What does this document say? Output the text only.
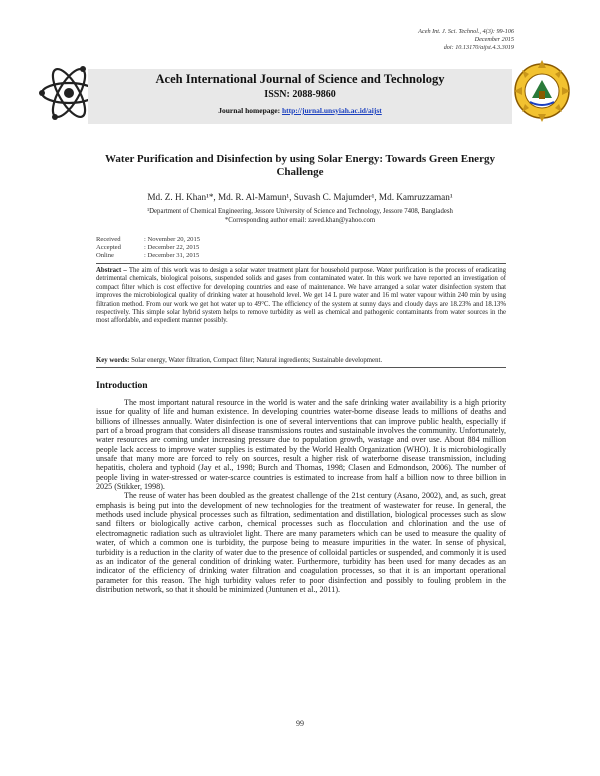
Aceh Int. J. Sci. Technol., 4(3): 99-106
December 2015
doi: 10.13170/aijst.4.3.3019
Aceh International Journal of Science and Technology
ISSN: 2088-9860
Journal homepage: http://jurnal.unsyiah.ac.id/aijst
Water Purification and Disinfection by using Solar Energy: Towards Green Energy Challenge
Md. Z. H. Khan¹*, Md. R. Al-Mamun¹, Suvash C. Majumder¹, Md. Kamruzzaman¹
¹Department of Chemical Engineering, Jessore University of Science and Technology, Jessore 7408, Bangladesh
*Corresponding author email: zaved.khan@yahoo.com
Received	: November 20, 2015
Accepted	: December 22, 2015
Online	: December 31, 2015
Abstract – The aim of this work was to design a solar water treatment plant for household purpose. Water purification is the process of eradicating detrimental chemicals, biological poisons, suspended solids and gases from contaminated water. In this work we have reported an investigation of compact filter which is cost effective for developing countries and ease of maintenance. We have arranged a solar water disinfection system that improves the microbiological quality of drinking water at household level. We get 14 L pure water and 16 ml water vapour within 240 min by using filtration method. From our work we get hot water up to 49°C. The efficiency of the system at sunny days and cloudy days are 18.23% and 18.13% respectively. This simple solar hybrid system helps to remove turbidity as well as chemical and pathogenic contaminants from water sources in the most affordable, and expedient manner possibly.
Key words: Solar energy, Water filtration, Compact filter; Natural ingredients; Sustainable development.
Introduction

The most important natural resource in the world is water and the safe drinking water availability is a high priority issue for quality of life and human existence. In developing countries water-borne disease leads to millions of deaths and billions of illnesses annually. Water disinfection is one of several interventions that can improve public health, especially if part of a broad program that considers all disease transmissions routes and sustainable involves the community. Unfortunately, water resources are coming under increasing pressure due to population growth, wastage and over use. About 884 million people lack access to improve water supplies is estimated by the World Health Organization (WHO). It is microbiologically unsafe that many more are forced to rely on sources, result a higher risk of waterborne disease transmission, including hepatitis, cholera and typhoid (Jay et al., 1998; Burch and Thomas, 1998; Clasen and Edmondson, 2006). The number of people living in water-stressed or water-scarce countries is estimated to increase from half a billion now to three billion in 2025 (Stikker, 1998).

The reuse of water has been doubled as the greatest challenge of the 21st century (Asano, 2002), and, as such, great emphasis is being put into the development of new technologies for the treatment of wastewater for reuse. In general, the methods used include physical processes such as filtration, sedimentation and distillation, biological processes such as slow sand filters or biologically active carbon, chemical processes such as flocculation and chlorination and the use of electromagnetic radiation such as ultraviolet light. There are many parameters which can be used to measure the quality of water, of which a common one is turbidity, the purpose being to measure impurities in the water. In sense of physical, turbidity is a reduction in the clarity of water due to the presence of colloidal particles or suspended, and commonly it is used as an indicator of the general condition of drinking water. Furthermore, turbidity has been used for many decades as an indicator of the efficiency of drinking water filtration and coagulation processes, so that it is an important operational parameter for this reason. The high turbidity values refer to poor disinfection and possibly to fouling problem in the distribution network, so that it should be minimized (Juntunen et al., 2011).

99
